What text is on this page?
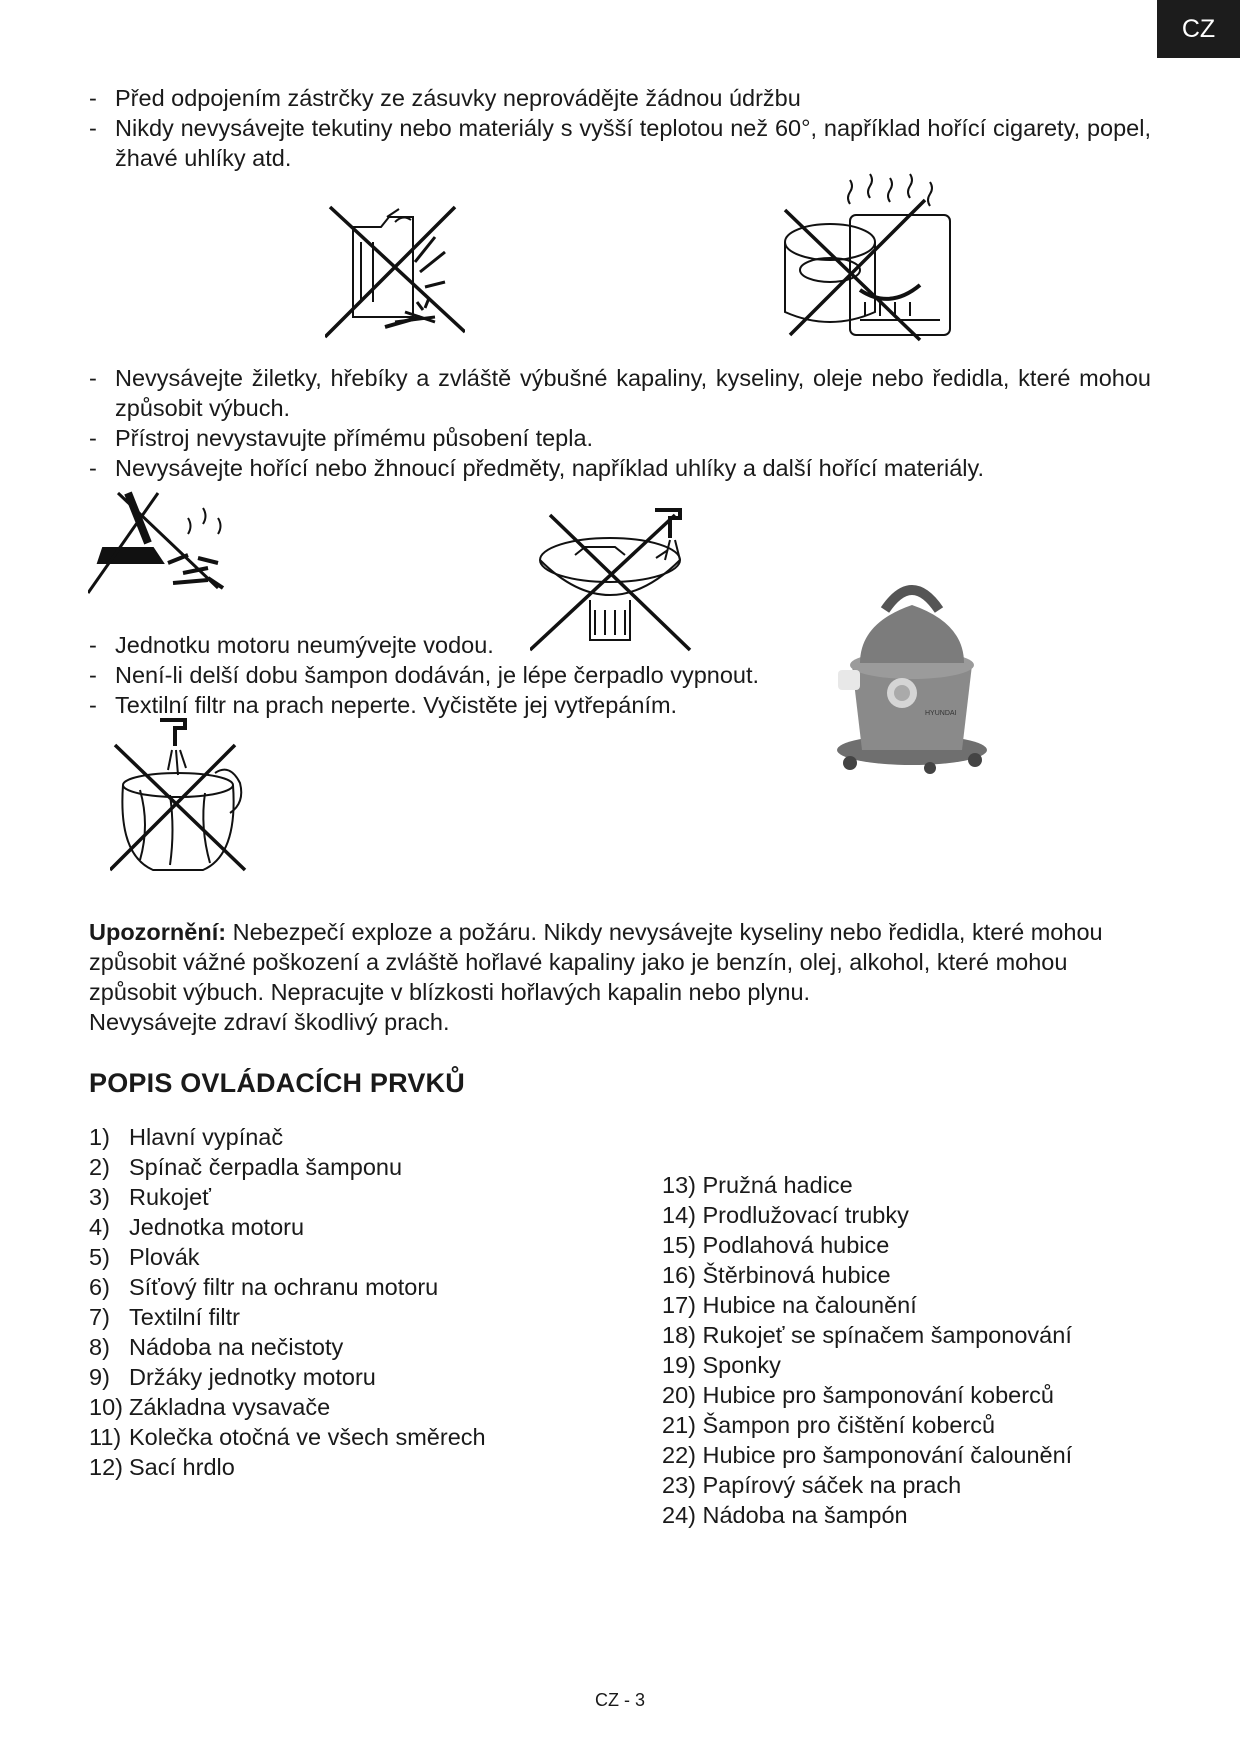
CZ
- Před odpojením zástrčky ze zásuvky neprovádějte žádnou údržbu
- Nikdy nevysávejte tekutiny nebo materiály s vyšší teplotou než 60°, například hořící cigarety, popel, žhavé uhlíky atd.
- Nevysávejte žiletky, hřebíky a zvláště výbušné kapaliny, kyseliny, oleje nebo ředidla, které mohou způsobit výbuch.
- Přístroj nevystavujte přímému působení tepla.
- Nevysávejte hořící nebo žhnoucí předměty, například uhlíky a další hořící materiály.
- Jednotku motoru neumývejte vodou.
- Není-li delší dobu šampon dodáván, je lépe čerpadlo vypnout.
- Textilní filtr na prach neperte. Vyčistěte jej vytřepáním.	HYUNDAI
Upozornění: Nebezpečí exploze a požáru. Nikdy nevysávejte kyseliny nebo ředidla, které mohou způsobit vážné poškození a zvláště hořlavé kapaliny jako je benzín, olej, alkohol, které mohou způsobit výbuch. Nepracujte v blízkosti hořlavých kapalin nebo plynu.
Nevysávejte zdraví škodlivý prach.
POPIS OVLÁDACÍCH PRVKŮ
1) Hlavní vypínač
2) Spínač čerpadla šamponu
3) Rukojeť
4) Jednotka motoru
5) Plovák
6) Síťový filtr na ochranu motoru
7) Textilní filtr
8) Nádoba na nečistoty
9) Držáky jednotky motoru
10) Základna vysavače
11) Kolečka otočná ve všech směrech
12) Sací hrdlo
13)
Pružná hadice
14)
Prodlužovací trubky
15)
Podlahová hubice
16)
Štěrbinová hubice
17)
Hubice na čalounění
18)
Rukojeť se spínačem šamponování
19)
Sponky
20)
Hubice pro šamponování koberců
21)
Šampon pro čištění koberců
22)
Hubice pro šamponování čalounění
23)
Papírový sáček na prach
24)
Nádoba na šampón
CZ - 3
